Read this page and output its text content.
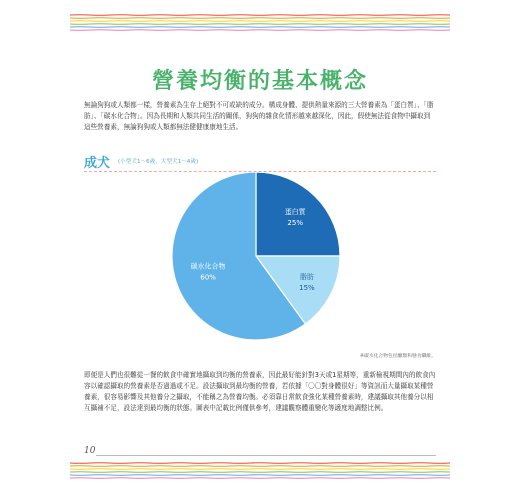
營養均衡的基本概念
無論狗狗或人類都一樣，營養素為生存上絕對不可或缺的成分。構成身體、提供熱量來源的三大營養素為「蛋白質」、「脂肪」、「碳水化合物」。因為長期和人類共同生活的關係，狗狗的雜食化情形越來越深化，因此，假使無法從食物中攝取到這些營養素，無論狗狗或人類都無法健健康康地生活。
成犬 (小型犬1～6歲，大型犬1～4歲)
蛋白質
25%
脂肪
15%
碳水化合物
60%
※碳水化合物包括醣類和膳食纖維。
即便是人們也很難從一餐的飲食中確實地攝取到均衡的營養素，因此最好能針對3天或1星期等，重新檢視期間內的飲食內容以確認攝取的營養素是否過過或不足。設法攝取到最均衡的營養，若依據「〇〇對身體很好」等資訊而大量攝取某種營養素，很容易影響及其他養分之攝取，不能稱之為營養均衡。必須靠日常飲食強化某種營養素時，建議攝取其他養分以相互攝補不足，設法達到最均衡的狀態。圖表中記載比例僅供參考，建議觀察體重變化等適度地調整比例。
10
